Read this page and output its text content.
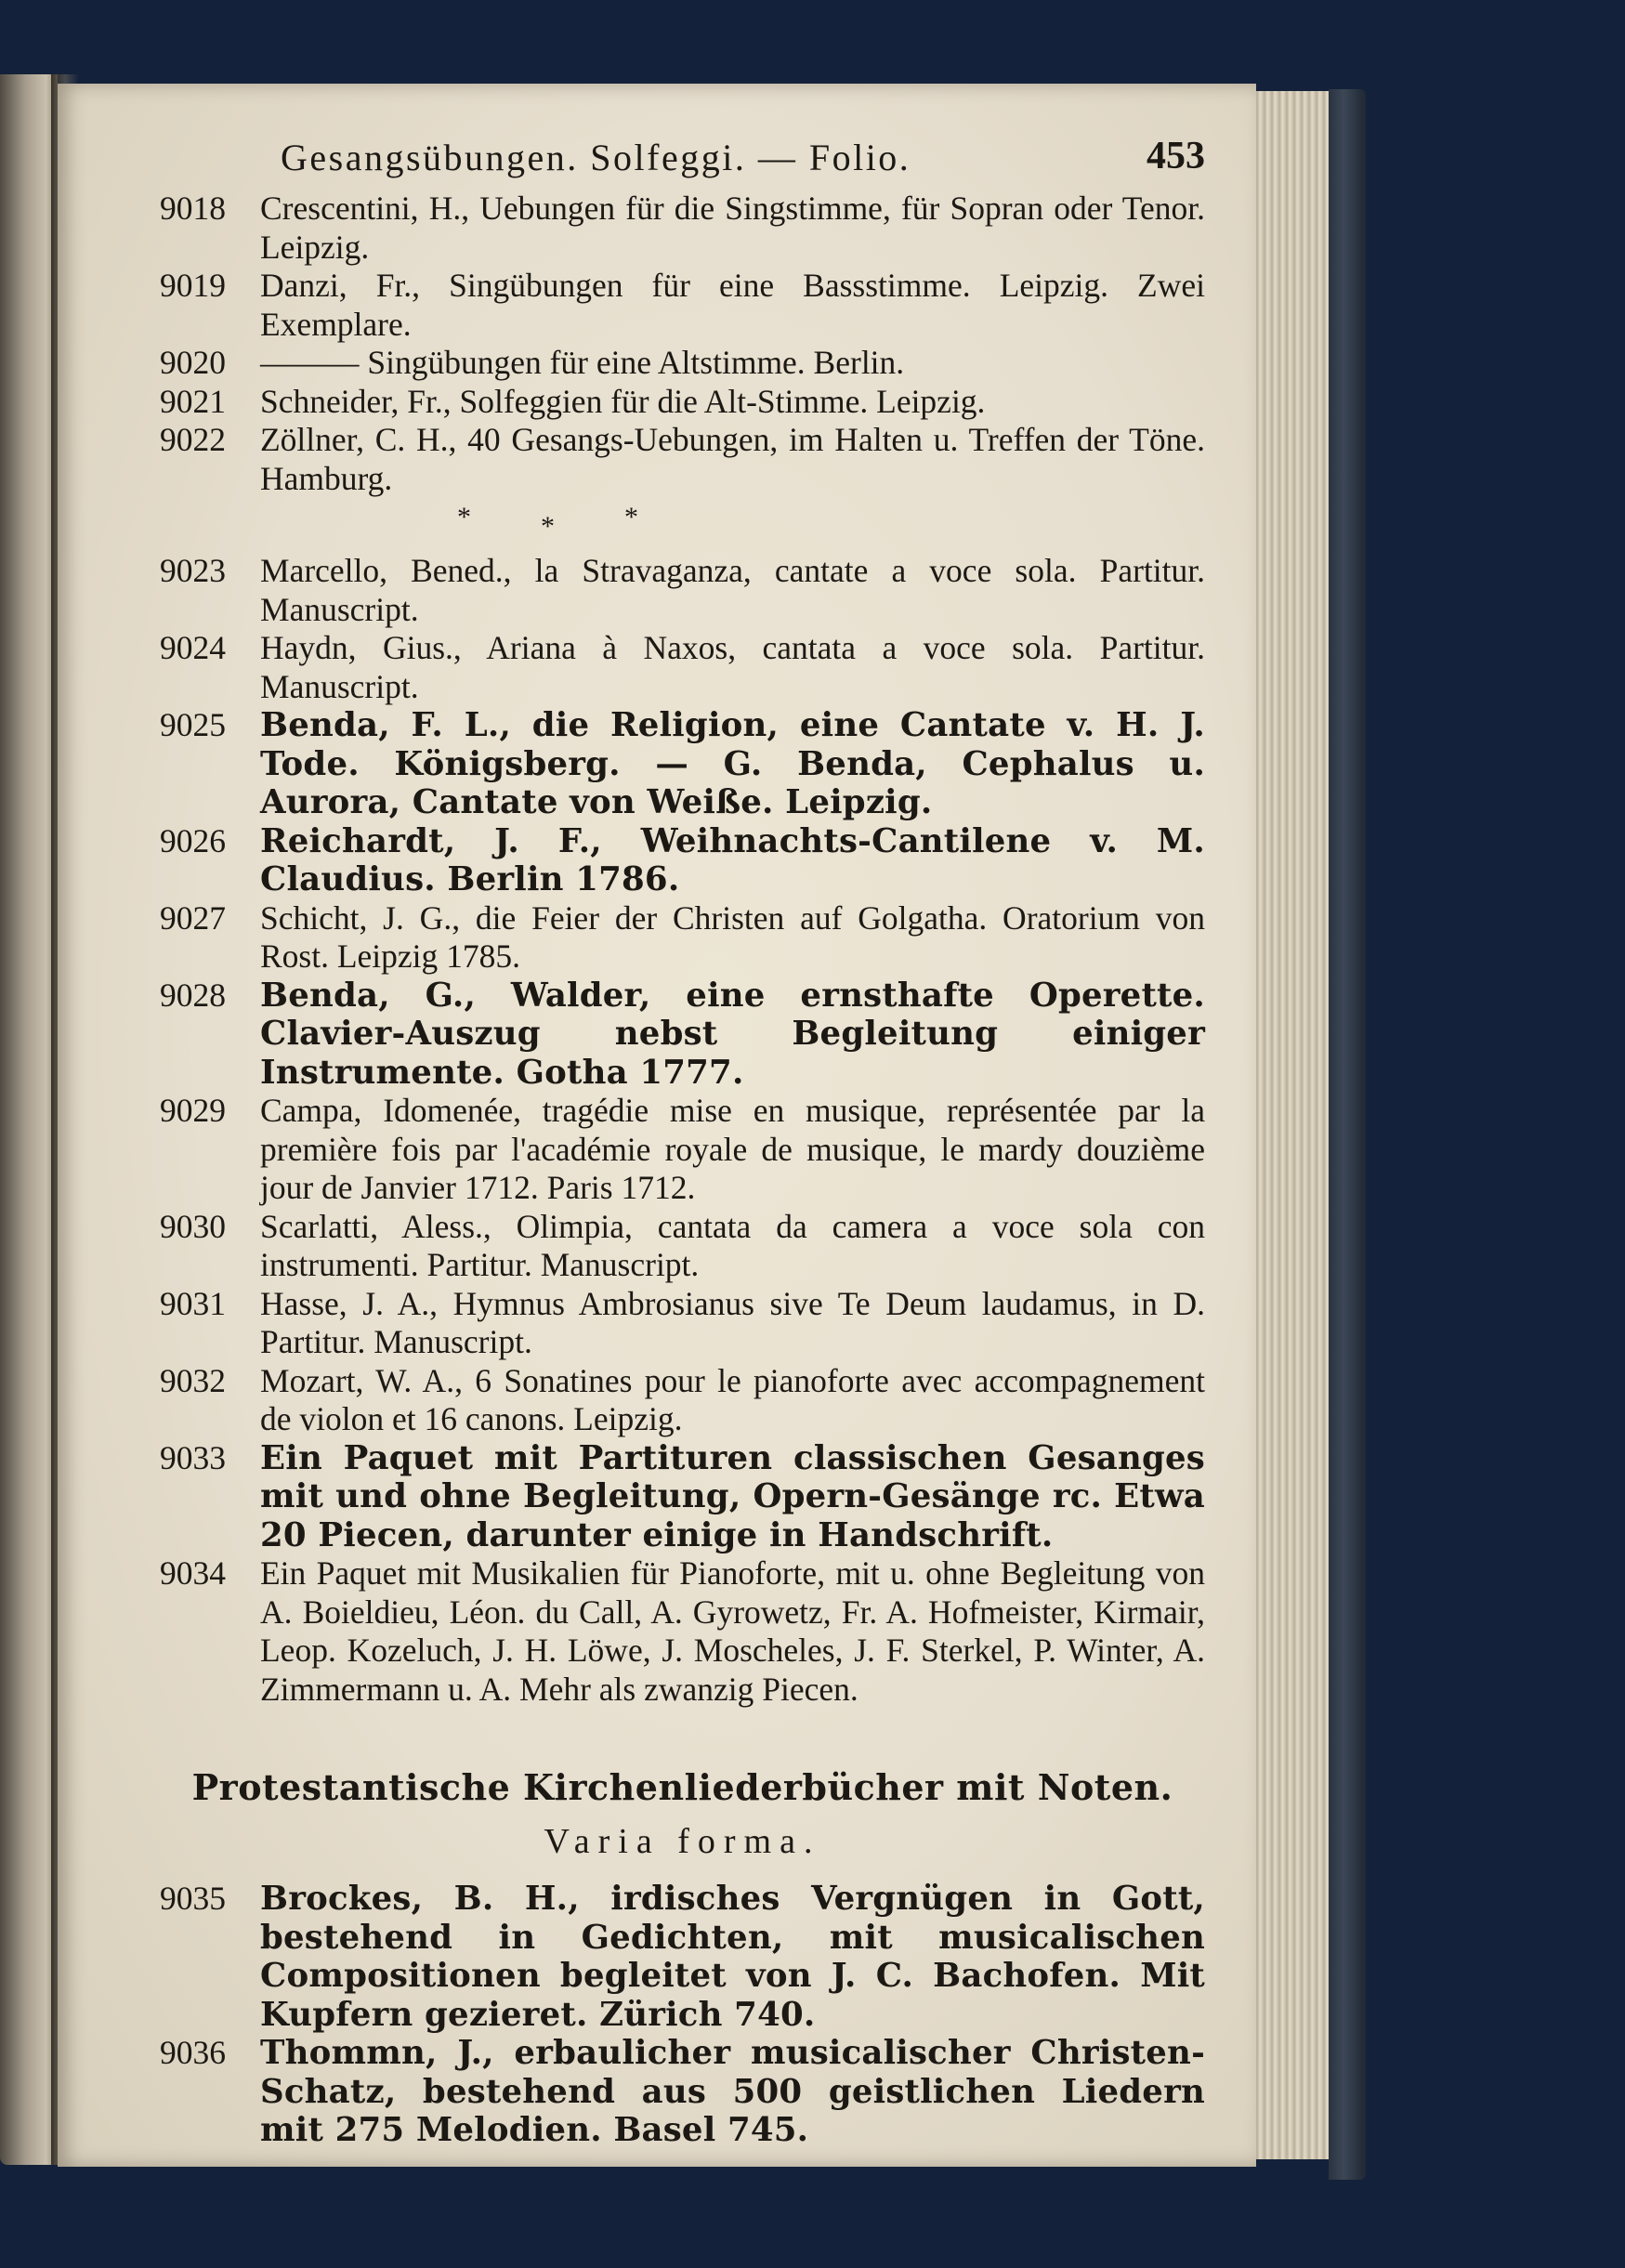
Gesangsübungen. Solfeggi. — Folio.	453
9018	Crescentini, H., Uebungen für die Singstimme, für Sopran oder Tenor. Leipzig.
9019	Danzi, Fr., Singübungen für eine Bassstimme. Leipzig. Zwei Exemplare.
9020	——— Singübungen für eine Altstimme. Berlin.
9021	Schneider, Fr., Solfeggien für die Alt-Stimme. Leipzig.
9022	Zöllner, C. H., 40 Gesangs-Uebungen, im Halten u. Treffen der Töne. Hamburg.
*	*	*
9023	Marcello, Bened., la Stravaganza, cantate a voce sola. Partitur. Manuscript.
9024	Haydn, Gius., Ariana à Naxos, cantata a voce sola. Partitur. Manuscript.
9025	Benda, F. L., die Religion, eine Cantate v. H. J. Tode. Königsberg. — G. Benda, Cephalus u. Aurora, Cantate von Weiße. Leipzig.
9026	Reichardt, J. F., Weihnachts-Cantilene v. M. Claudius. Berlin 1786.
9027	Schicht, J. G., die Feier der Christen auf Golgatha. Oratorium von Rost. Leipzig 1785.
9028	Benda, G., Walder, eine ernsthafte Operette. Clavier-Auszug nebst Begleitung einiger Instrumente. Gotha 1777.
9029	Campa, Idomenée, tragédie mise en musique, représentée par la première fois par l'académie royale de musique, le mardy douzième jour de Janvier 1712. Paris 1712.
9030	Scarlatti, Aless., Olimpia, cantata da camera a voce sola con instrumenti. Partitur. Manuscript.
9031	Hasse, J. A., Hymnus Ambrosianus sive Te Deum laudamus, in D. Partitur. Manuscript.
9032	Mozart, W. A., 6 Sonatines pour le pianoforte avec accompagnement de violon et 16 canons. Leipzig.
9033	Ein Paquet mit Partituren classischen Gesanges mit und ohne Begleitung, Opern-Gesänge rc. Etwa 20 Piecen, darunter einige in Handschrift.
9034	Ein Paquet mit Musikalien für Pianoforte, mit u. ohne Begleitung von A. Boieldieu, Léon. du Call, A. Gyrowetz, Fr. A. Hofmeister, Kirmair, Leop. Kozeluch, J. H. Löwe, J. Moscheles, J. F. Sterkel, P. Winter, A. Zimmermann u. A. Mehr als zwanzig Piecen.
Protestantische Kirchenliederbücher mit Noten.
Varia forma.
9035	Brockes, B. H., irdisches Vergnügen in Gott, bestehend in Gedichten, mit musicalischen Compositionen begleitet von J. C. Bachofen. Mit Kupfern gezieret. Zürich 740.
9036	Thommn, J., erbaulicher musicalischer Christen-Schatz, bestehend aus 500 geistlichen Liedern mit 275 Melodien. Basel 745.
